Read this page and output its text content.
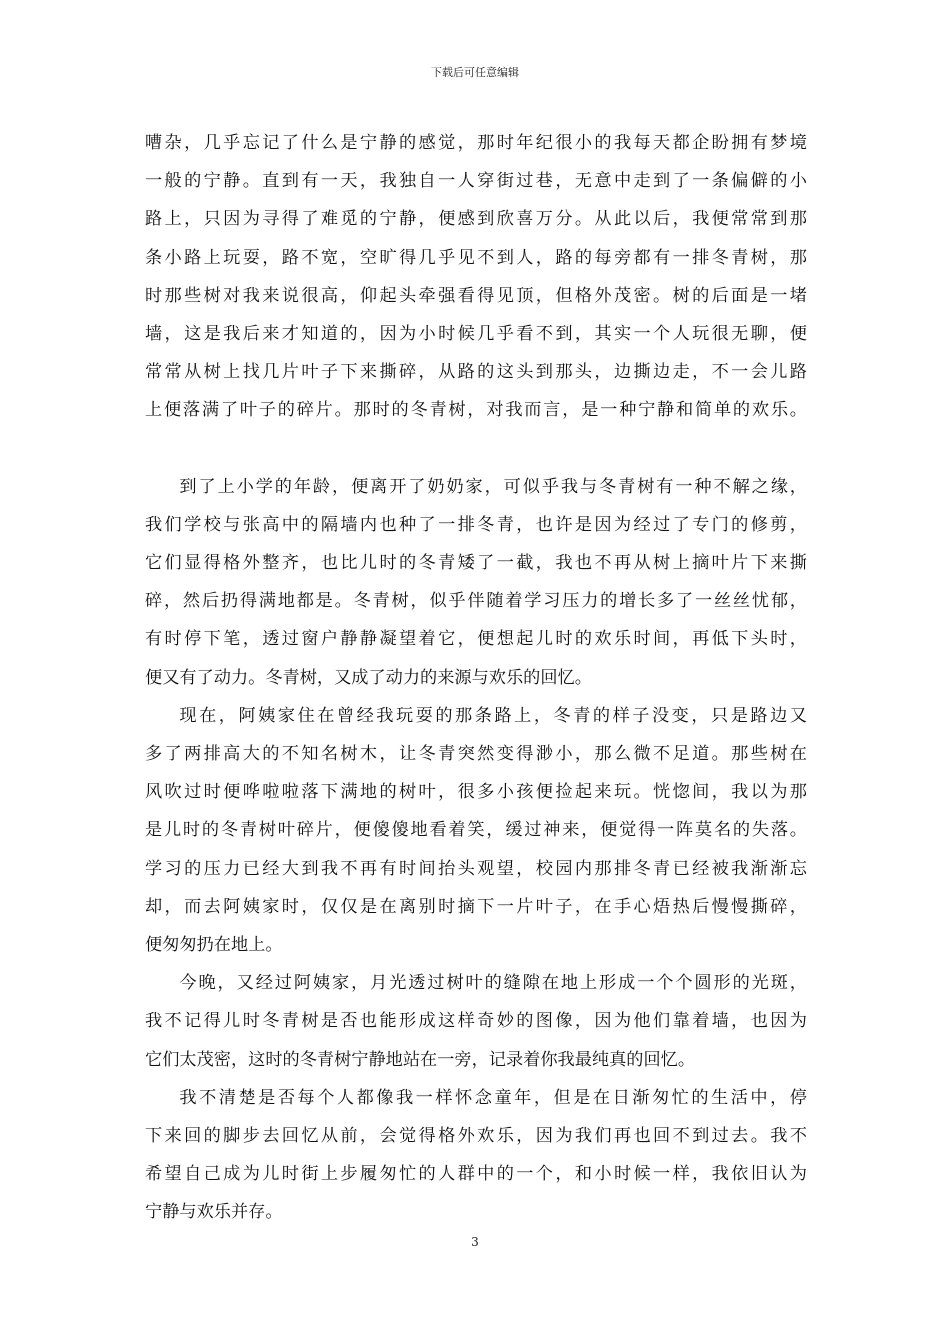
下载后可任意编辑

嘈杂，几乎忘记了什么是宁静的感觉，那时年纪很小的我每天都企盼拥有梦境
一般的宁静。直到有一天，我独自一人穿街过巷，无意中走到了一条偏僻的小
路上，只因为寻得了难觅的宁静，便感到欣喜万分。从此以后，我便常常到那
条小路上玩耍，路不宽，空旷得几乎见不到人，路的每旁都有一排冬青树，那
时那些树对我来说很高，仰起头牵强看得见顶，但格外茂密。树的后面是一堵
墙，这是我后来才知道的，因为小时候几乎看不到，其实一个人玩很无聊，便
常常从树上找几片叶子下来撕碎，从路的这头到那头，边撕边走，不一会儿路
上便落满了叶子的碎片。那时的冬青树，对我而言，是一种宁静和简单的欢乐。

到了上小学的年龄，便离开了奶奶家，可似乎我与冬青树有一种不解之缘，
我们学校与张高中的隔墙内也种了一排冬青，也许是因为经过了专门的修剪，
它们显得格外整齐，也比儿时的冬青矮了一截，我也不再从树上摘叶片下来撕
碎，然后扔得满地都是。冬青树，似乎伴随着学习压力的增长多了一丝丝忧郁，
有时停下笔，透过窗户静静凝望着它，便想起儿时的欢乐时间，再低下头时，
便又有了动力。冬青树，又成了动力的来源与欢乐的回忆。

现在，阿姨家住在曾经我玩耍的那条路上，冬青的样子没变，只是路边又
多了两排高大的不知名树木，让冬青突然变得渺小，那么微不足道。那些树在
风吹过时便哗啦啦落下满地的树叶，很多小孩便捡起来玩。恍惚间，我以为那
是儿时的冬青树叶碎片，便傻傻地看着笑，缓过神来，便觉得一阵莫名的失落。
学习的压力已经大到我不再有时间抬头观望，校园内那排冬青已经被我渐渐忘
却，而去阿姨家时，仅仅是在离别时摘下一片叶子，在手心焐热后慢慢撕碎，
便匆匆扔在地上。

今晚，又经过阿姨家，月光透过树叶的缝隙在地上形成一个个圆形的光斑，
我不记得儿时冬青树是否也能形成这样奇妙的图像，因为他们靠着墙，也因为
它们太茂密，这时的冬青树宁静地站在一旁，记录着你我最纯真的回忆。

我不清楚是否每个人都像我一样怀念童年，但是在日渐匆忙的生活中，停
下来回的脚步去回忆从前，会觉得格外欢乐，因为我们再也回不到过去。我不
希望自己成为儿时街上步履匆忙的人群中的一个，和小时候一样，我依旧认为
宁静与欢乐并存。

3
